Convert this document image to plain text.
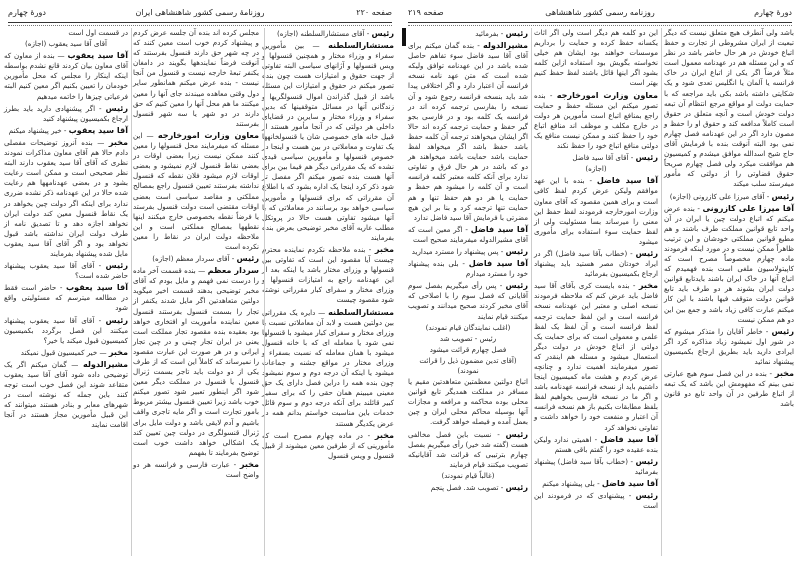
صفحه ۲۲۰
روزنامهٔ رسمی کشور شاهنشاهی ایران
دورهٔ چهارم

رئیس - آقای مستشارالسلطنه (اجازه)

مستشارالسلطنه — بین مأمورین سفراء و وزراء مختار و همچنین قنسولها و ویس قنسولها و آژانهای سیاسی البته تفاوتی از جهت حقوق و امتیازات هست چون بنده تصور میکنم در حقوق و امتیازات این مسئله باشد از قبیل گذراندن اموال قنسولگریها و زندگانی آنها در مسائل متوقفینها که بدین سفراء و وزراء مختار و سایرین در قضایای داخلی هر دولتی که در آنجا مأمور هستند از قبیل خانه های خصوصی شان یا قنسولخانهها یک تفاوت و معاملاتی در بین هست و اینجا در خصوص قنسولها و مأمورین سیاسی قیدی نشده که یک مقرراتی دیگر هم فیما بین برای آنها هست بنده تصور میکنم اگر مفصل تر شود ذکر کرد اینجا یک اداره بشود که با اطلاع آن مقرراتی که برای قنسولها و مأمورین سیاسی خواهد بود برسانند در معاملاتی که با آنها میشود تفاوتی هست حالا در پروتکل مطلب عاریه آقای مخبر توضیحی بعرض بنده بفرمایند

مخبر - بنده ملاحظه نکردم نماینده محترم چیست آیا مقصود این است که تفاوتی بین قنسولها و وزرای مختار باشد یا اینکه بعد از این عهدنامه راجع به امتیازات قنسولها و وزرای مختار و سفرای کبار مقرراتی نوشته شود مقصود چیست

مستشارالسلطنه — دایره یک مقرراتی بین دولتین هست و لابد آن معاملاتی نسبت با وزرای مختار و سفرای کبار میشود با قنسولها نمی شود یا معامله ای که با خانه قنسول میشود با همان معامله که نسبت بسفراء و وزرای مختار در مواقع جشنه و جماعات میشود یا اینکه آن درجه دوم و سوم نمیشود چون بنده همه را دراین فصل دارای یک حق معینی میبینم همان حقی را که برای سفیر کبیر قائلند برای آنکه درجه دوم و سوم قائل خدمات باین مناسبت خواستم بدانم همه در عرض یکدیگر هستند

مخبر - در ماده چهارم مصرح است که مأمورینی که از طرفین معین میشوند از قبیل قنسول و ویس قنسول

مجلس کرده اند بنده آن جلسه عرض کردم و پیشنهاد کردم خوب است معین کنند که در چه شهر حق دارند قنسول بفرستند که آنوقت فرضاً نمایندهها بگویند در دامغان یکنفر تبعهٔ خارجه نیست و قنسول من آنجا نیست - بنده عرض میکنم همانطور سایر دول وقتی معاهده میبندند جای آنها را معین میکنند ما هم محل آنها را معین کنیم که حق دارند در دو شهر یا سه شهر قنسول بفرستند

معاون وزارت امورخارجه — این مسئله که میفرمایند محل قنسولها را معین کنند ممکن نیست زیرا بعضی اوقات در بعضی نقاط قنسول لازم نمیشود و بعضی اوقات لازم میشود فلان نقطه که قنسول نداشته بفرستند تعیین قنسول راجع بمصالح مملکتی و مقاصد سیاسی است بعضی اوقات مقتضی است دولت قنسول بفرستد یا فرضاً نقطه بخصوصی خارج میکنند اینها نقطهها بمصالح مملکتی است و این ملاحظه دولت ایران در نقاط را معین نکرده است

رئیس - آقای سردار معظم (اجازه)

سردار معظم — بنده قسمت آخر ماده را درست نمی فهمم و مایل بودم که آقای مخبر توضیحی بدهند قسمت اخیر میگوید دولتین متعاهدتین اگر مایل شدند یکنفر از تجار را بسمت قنسول بفرستند قنسول معین نماینده مأموریت او افتخاری خواهد بود بعقیده بنده مقصود تجار مملکت است یعنی در ایران تجار چینی و در چین تجار ایرانی و در هر صورت این عبارت مقصود را نمیرساند که کاملاً این است که از طرف یکی از دو دولت باید تاجر بسمت ژنرال قنسول یا قنسول در مملکت دیگر معین شود اگر اینطور تعبیر شود تصور میکنم خوب باشد زیرا تعیین قنسول بیشتر مربوط بامور تجارت است و اگر مایه تاجری واقف باشیم و آدم لایقی باشد و دولت مایل برای ژنرال قنسولگری در دولت چین تعیین کند یک اشکالی خواهد داشت خوب است توضیح بفرمایند تا بفهمم

مخبر - عبارت فارسی و فرانسه هر دو واضح است

در قسمت اول است

آقای آقا سید یعقوب (اجازه)

آقا سید یعقوب — بنده از معاون که آقای معاون بیان کردند قانع نشدم بواسطه اینکه اینکار را مجلس که محل مأمورین خودمان را تعیین بکنیم اگر معین کنیم البته فرعیاتی چیزها را خاتمه میدهیم

رئیس - اگر پیشنهادی دارید باید بطرز ارجاع بکمیسیون پیشنهاد کنید

آقا سید یعقوب - خیر پیشنهاد میکنم

مخبر — بنده آنروز توضیحات مفصلی دادم حالا هم آقای معاون مذاکرات نمودند نظری که آقای آقا سید یعقوب دارند البته نظر صحیحی است و ممکن است رعایت بشود و در بعضی عهدنامهها هم رعایت شده حالا در این عهدنامه ذکر نشده ضرری ندارد برای اینکه اگر دولت چین بخواهد در یک نقاط قنسول معین کند دولت ایران نخواهد اجازه دهد و تا تصدیق نامه از طرف دولت ایران نداشته باشد قبول نخواهد بود و اگر آقای آقا سید یعقوب مایل شده پیشنهاد بفرمایند

رئیس - آقای آقا سید یعقوب پیشنهاد حاضر شده است؟

آقا سید یعقوب - حاضر است فقط در مطالعه میترسم که مسئولیتی واقع شود

رئیس - آقای آقا سید یعقوب پیشنهاد میکنند این فصل برگردد بکمیسیون کمیسیون قبول میکند یا خیر؟

مخبر — خیر کمیسیون قبول نمیکند

مشیرالدوله — گمان میکنم اگر یک توضیحی داده شود آقای آقا سید یعقوب متقاعد شوند این فصل خوب است توجه کنند باین جمله که نوشته است در شهرهای معابر و بنادر هستند میتوانند که این قبیل مأمورین مجاز هستند در آنجا اقامت نمایند

دورهٔ چهارم
روزنامه رسمی کشور شاهنشاهی
صفحه ۲۱۹

باشد ولی آنطرف هیچ متعلق نیست که دیگر تبعیت از ایران مشروطی از تجارت و حفظ اتباع خودش در هر حال حاضر باشد در نظر که و این مسئله هم در عهدنامه معمول است مثلاً فرضاً اگر یکی از اتباع ایران در خاک فرانسه یا آلمان یا انگلیس تعدی شود و یک شکایتی داشته باشد بکی باید مراجعه که با حمایت دولت او مواقع مرجع انتظام آن تبعه دولت خودش است و آنچه متعلق در حقوق است کاملاً مدافعه کند و حقوق او را حفظ و مصون دارد اگر در این عهدنامه فصل چهارم نمی بود البته آنوقت بنده با فرمایش آقای حاج شیخ اسدالله موافق میشدم و کمیسیون هم موافقت میکرد ولی فصل چهارم صریحاً حقوق قضاوتی را از دولتی که مأمور میفرستد سلب میکند

رئیس - آقای میرزا علی کازرونی (اجازه)

آقا میرزا علی کازرونی - بنده عرض میکنم که اتباع دولت چین یا ایران در آن واحد تابع قوانین مملکت طرف باشند و هم مطیع قوانین مملکتی خودشان و این ترتیب ظاهراً ممکن نیست و در مورد اینکه فرمودند ماده چهارم مخصوصاً مصرح است که کاپیتولاسیون ملغی است بنده فهمیدم که اتباع آنها در خاک ایران باشند بایدتابع قوانین دولت ایران بشوند هر دو طرف باید تابع قوانین دولت متوقف فیها باشند با این کار میکنم عبارت کافی زیاد باشد و جمع بین این دو هم ممکن نیست

رئیس - خاطر آقایان را متذکر میشوم که در شور اول نمیشود زیاد مذاکره کرد اگر ایرادی دارید باید بطریق ارجاع بکمیسیون پیشنهاد نمائید

مخبر - بنده در این فصل سوم هیچ عبارتی نمی بینم که مفهومش این باشد که یک تبعه از اتباع طرفین در آن واحد تابع دو قانون باشد

این دو کلمه هم دیگر است ولی اگر اثاث یکسانه حفظ کرده و حمایت را برداریم موسسات خواهند بود ایشان هم خیلی نخواسته بگویش بود استفاده ازاین کلمه بشود اگر اینها قائل باشند لفظ حفظ کنیم بهتر است

معاون وزارت امورخارجه - بنده تصور میکنم این مسئله حفظ و حمایت راجع بمنافع اتباع است مأمورین هر دولت در خارج مکلف و موظف اند منافع اتباع خود را حفظ کنند و ممکن نیست منافع یک دولتی منافع اتباع خود را حفظ نکند

رئیس - آقای آقا سید فاضل

(اجازه)

آقا سید فاضل - بنده با این عهد موافقم ولیکن عرض کردم لفظ کافی است و برای همین مقصود که آقای معاون وزارت امورخارجه فرمودند لفظ حفظ این معنی را میرساند بسا مسئولیت ولی از لفظ حمایت سوء استفاده برای مأموری میشود

رئیس - (خطاب بآقا سید فاضل) اگر در ایراد خودتان مصر هستید باید پیشنهاد ارجاع بکمیسیون بفرمائید

مخبر - بنده بایست کری بآقای آقا سید فاضل باید عرض کنم که ملاحظه فرمودند نسخه اصلی و معتبر این عهدنامه نسخه فرانسه است و این لفظ حمایت ترجمه لفظ فرانسه است و آن لفظ یک لفظ علمی و معمولی است که برای حمایت یک دولتی از اتباع خودش در دولت دیگر استعمال میشود و مسئله هم اینقدر که تصور میفرمایند اهمیت ندارد و چنانچه عرض کردم و هشت ماه کمیسیون اینجا داشتیم باید از نسخه فرانسه عهدنامه باشد و اگر ما در نسخه فارسی بخواهیم لفظ بلفظ مطابقات بکنیم باز هم نسخه فرانسه آن اعتبار و منفعت خود را خواهد داشت و تفاوتی نخواهد کرد

آقا سید فاضل - اهمیتی ندارد ولیکن بنده عقیده خود را گفتم باقی هستم

رئیس - (خطاب بآقا سید فاضل) پیشنهاد بفرمائید

آقا سید فاضل - بلی پیشنهاد میکنم

رئیس - پیشنهادی که در فرمودند این است

رئیس - بفرمائید

مشیرالدوله - بنده گمان میکنم برای آقای آقا سید فاضل سوء تفاهم حاصل شده باشد در این عهدنامه توافق ولیکه شده است که متن عهد نامه نسخه فرانسه آن اعتبار دارد و اگر اختلافی پیدا شد باید بنسخه فرانسه رجوع شود و آن نسخه را بفارسی ترجمه کرده اند در فرانسه یک کلمه بود و در فارسی بجو گیر حفظ و حمایت ترجمه کرده اند حالا اگر ایشان میخواهند ترجمه آن کلمه حفظ باشد حفظ باشد اگر میخواهد لفظ حمایت باشد حمایت باشد میخواهند هر دو که باشد در هر حال فرق و تفاوتی ندارد برای آنکه کلمه معتبر کلمه فرانسه است و آن کلمه را میشود هم حفظ و حمایت یا هر دو هم حفظ تنها و هم حمایت تنها ترجمه کرد و بنا بر این هیچ مضرتی با فرمایش آقا سید فاضل ندارد

آقا سید فاضل - اگر معین است که آقای مشیرالدوله میفرمایند صحیح است

رئیس - پس پیشنهاد را مسترد میدارید

آقا سید فاضل - بلی بنده پیشنهاد خود را مسترد میدارم

رئیس - پس رأی میگیریم بفصل سوم آقایانی که فصل سوم را با اصلاحی که آقای مخبر کردند صحیح میدانند و تصویب میکنند قیام نمایند

(اغلب نمایندگان قیام نمودند)

رئیس - تصویب شد

فصل چهارم قرائت میشود

(آقای تدین مضمون ذیل را قرائت نمودند)

اتباع دولتین معظمتین متعاهدتین مقیم یا مسافر در مملکت همدیگر تابع قوانین محلی بوده محاکمه و مرافعه و مجازات آنها بوسیله محاکم محلی ایران و چین بعمل آمده و فیصله خواهد گرفت.

رئیس - نسبت باین فصل مخالفی هست (گفته شد خیر) رأی میگیریم بفصل چهارم بترتیبی که قرائت شد آقایانیکه تصویب میکنند قیام فرمایند

(غالباً قیام نمودند)

رئیس - تصویب شد. فصل پنجم
